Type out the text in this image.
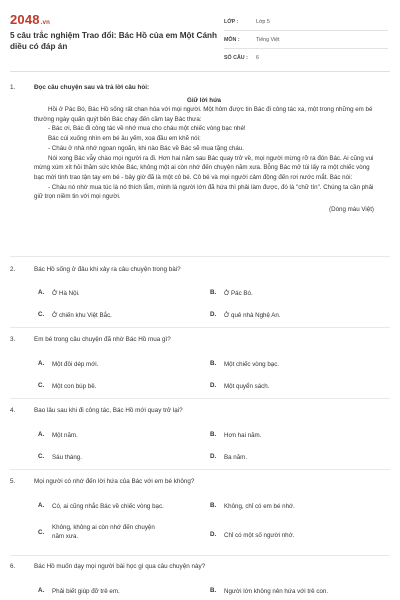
2048.vn
5 câu trắc nghiệm Trao đổi: Bác Hồ của em Một Cánh diều có đáp án
LỚP :	Lớp 5
MÔN :	Tiếng Việt
SỐ CÂU :	6
1.	Đọc câu chuyện sau và trả lời câu hỏi:
Giữ lời hứa

Hồi ở Pác Bó, Bác Hồ sống rất chan hòa với mọi người. Một hôm được tin Bác đi công tác xa, một trong những em bé thường ngày quấn quýt bên Bác chạy đến cầm tay Bác thưa:

- Bác ơi, Bác đi công tác về nhớ mua cho cháu một chiếc vòng bạc nhé!

Bác cúi xuống nhìn em bé âu yếm, xoa đầu em khẽ nói:

- Cháu ở nhà nhớ ngoan ngoãn, khi nào Bác về Bác sẽ mua tặng cháu.

Nói xong Bác vẫy chào mọi người ra đi. Hơn hai năm sau Bác quay trở về, mọi người mừng rỡ ra đón Bác. Ai cũng vui mừng xúm xít hỏi thăm sức khỏe Bác, không một ai còn nhớ đến chuyện năm xưa. Bỗng Bác mở túi lấy ra một chiếc vòng bạc mới tinh trao tận tay em bé - bây giờ đã là một cô bé. Cô bé và mọi người cảm động đến rơi nước mắt. Bác nói:

- Cháu nó nhờ mua túc là nó thích lắm, mình là người lớn đã hứa thì phải làm được, đó là "chữ tín". Chúng ta cần phải giữ trọn niềm tin với mọi người.

(Dòng máu Việt)
2.	Bác Hồ sống ở đâu khi xảy ra câu chuyện trong bài?
A.	Ở Hà Nội.	B.	Ở Pác Bó.
C.	Ở chiến khu Việt Bắc.	D.	Ở quê nhà Nghệ An.
3.	Em bé trong câu chuyện đã nhờ Bác Hồ mua gì?
A.	Một đôi dép mới.	B.	Một chiếc vòng bạc.
C.	Một con búp bê.	D.	Một quyển sách.
4.	Bao lâu sau khi đi công tác, Bác Hồ mới quay trở lại?
A.	Một năm.	B.	Hơn hai năm.
C.	Sáu tháng.	D.	Ba năm.
5.	Mọi người có nhớ đến lời hứa của Bác với em bé không?
A.	Có, ai cũng nhắc Bác về chiếc vòng bạc.	B.	Không, chỉ có em bé nhớ.
C.
Không, không ai còn nhớ đến chuyện năm xưa.	D.	Chỉ có một số người nhớ.
6.	Bác Hồ muốn dạy mọi người bài học gì qua câu chuyện này?
A.	Phải biết giúp đỡ trẻ em.	B.	Người lớn không nên hứa với trẻ con.
